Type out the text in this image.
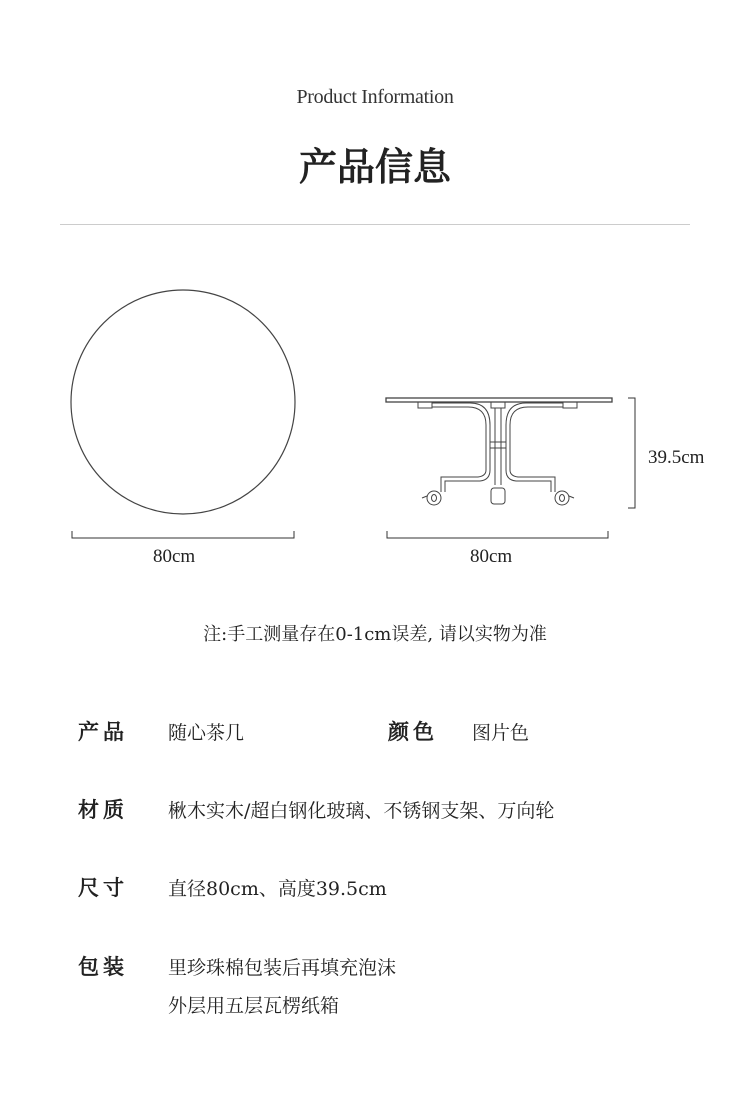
Product Information
产品信息
80cm	80cm
39.5cm
注:手工测量存在0-1cm误差, 请以实物为准
产品 随心茶几	颜色 图片色
材质 楸木实木/超白钢化玻璃、不锈钢支架、万向轮
尺寸 直径80cm、高度39.5cm
包装 里珍珠棉包装后再填充泡沫
外层用五层瓦楞纸箱
